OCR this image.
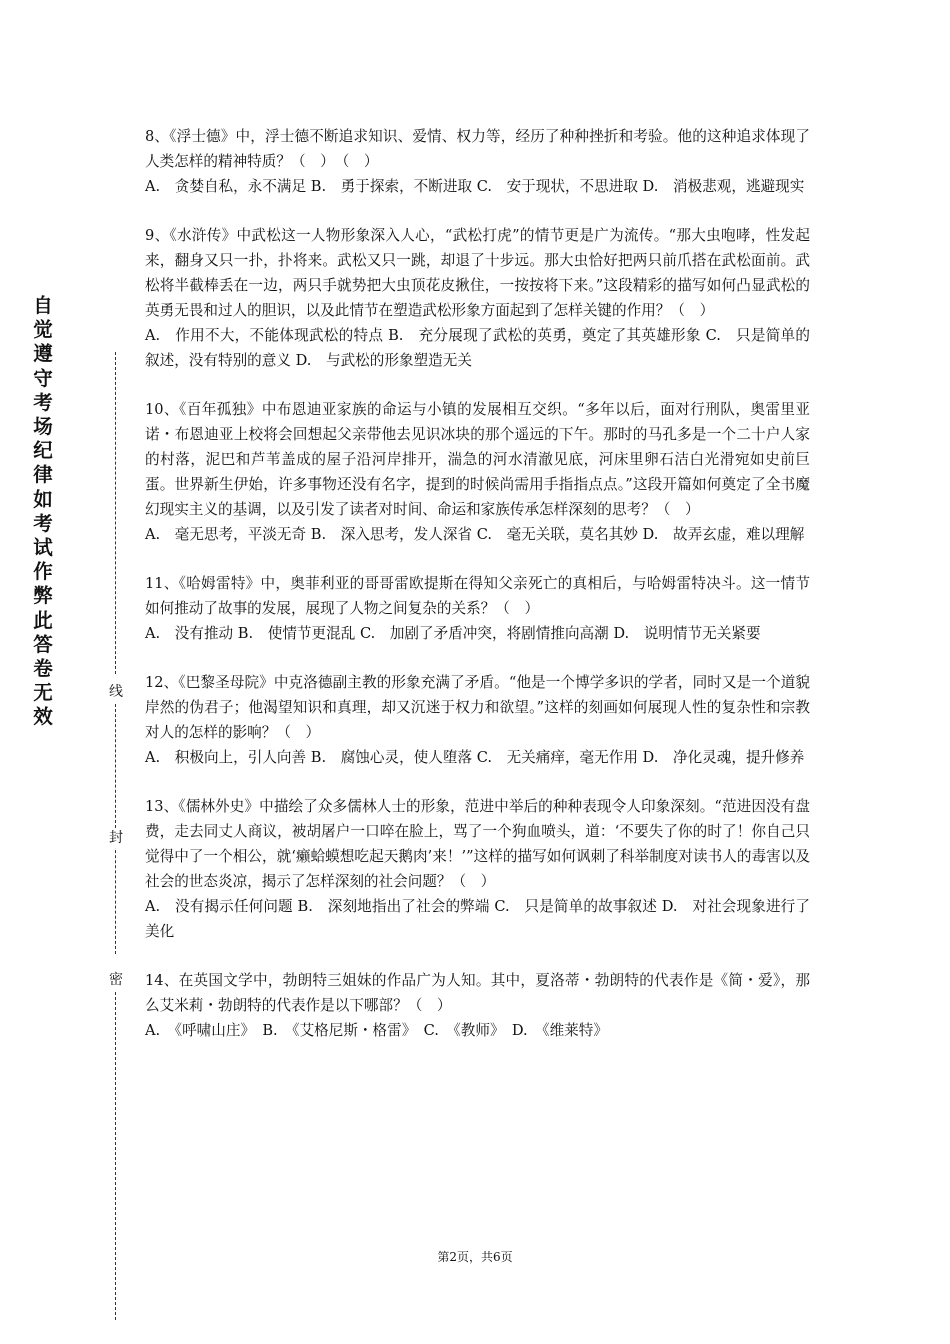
自觉遵守考场纪律如考试作弊此答卷无效
线
封
密

8、《浮士德》中，浮士德不断追求知识、爱情、权力等，经历了种种挫折和考验。他的这种追求体现了人类怎样的精神特质？（　）　（　）

A.　贪婪自私，永不满足 B.　勇于探索，不断进取 C.　安于现状，不思进取 D.　消极悲观，逃避现实

9、《水浒传》中武松这一人物形象深入人心，“武松打虎”的情节更是广为流传。“那大虫咆哮，性发起来，翻身又只一扑，扑将来。武松又只一跳，却退了十步远。那大虫恰好把两只前爪搭在武松面前。武松将半截棒丢在一边，两只手就势把大虫顶花皮揪住，一按按将下来。”这段精彩的描写如何凸显武松的英勇无畏和过人的胆识，以及此情节在塑造武松形象方面起到了怎样关键的作用？（　）

A.　作用不大，不能体现武松的特点 B.　充分展现了武松的英勇，奠定了其英雄形象 C.　只是简单的叙述，没有特别的意义 D.　与武松的形象塑造无关

10、《百年孤独》中布恩迪亚家族的命运与小镇的发展相互交织。“多年以后，面对行刑队，奥雷里亚诺・布恩迪亚上校将会回想起父亲带他去见识冰块的那个遥远的下午。那时的马孔多是一个二十户人家的村落，泥巴和芦苇盖成的屋子沿河岸排开，湍急的河水清澈见底，河床里卵石洁白光滑宛如史前巨蛋。世界新生伊始，许多事物还没有名字，提到的时候尚需用手指指点点。”这段开篇如何奠定了全书魔幻现实主义的基调，以及引发了读者对时间、命运和家族传承怎样深刻的思考？（　）

A.　毫无思考，平淡无奇 B.　深入思考，发人深省 C.　毫无关联，莫名其妙 D.　故弄玄虚，难以理解

11、《哈姆雷特》中，奥菲利亚的哥哥雷欧提斯在得知父亲死亡的真相后，与哈姆雷特决斗。这一情节如何推动了故事的发展，展现了人物之间复杂的关系？（　）

A.　没有推动 B.　使情节更混乱 C.　加剧了矛盾冲突，将剧情推向高潮 D.　说明情节无关紧要

12、《巴黎圣母院》中克洛德副主教的形象充满了矛盾。“他是一个博学多识的学者，同时又是一个道貌岸然的伪君子；他渴望知识和真理，却又沉迷于权力和欲望。”这样的刻画如何展现人性的复杂性和宗教对人的怎样的影响？（　）

A.　积极向上，引人向善 B.　腐蚀心灵，使人堕落 C.　无关痛痒，毫无作用 D.　净化灵魂，提升修养

13、《儒林外史》中描绘了众多儒林人士的形象，范进中举后的种种表现令人印象深刻。“范进因没有盘费，走去同丈人商议，被胡屠户一口啐在脸上，骂了一个狗血喷头，道：‘不要失了你的时了！你自己只觉得中了一个相公，就‘癞蛤蟆想吃起天鹅肉’来！’”这样的描写如何讽刺了科举制度对读书人的毒害以及社会的世态炎凉，揭示了怎样深刻的社会问题？（　）

A.　没有揭示任何问题 B.　深刻地指出了社会的弊端 C.　只是简单的故事叙述 D.　对社会现象进行了美化

14、在英国文学中，勃朗特三姐妹的作品广为人知。其中，夏洛蒂・勃朗特的代表作是《简・爱》，那么艾米莉・勃朗特的代表作是以下哪部？（　）

A.　《呼啸山庄》　B.　《艾格尼斯・格雷》　C.　《教师》　D.　《维莱特》

第2页，共6页
